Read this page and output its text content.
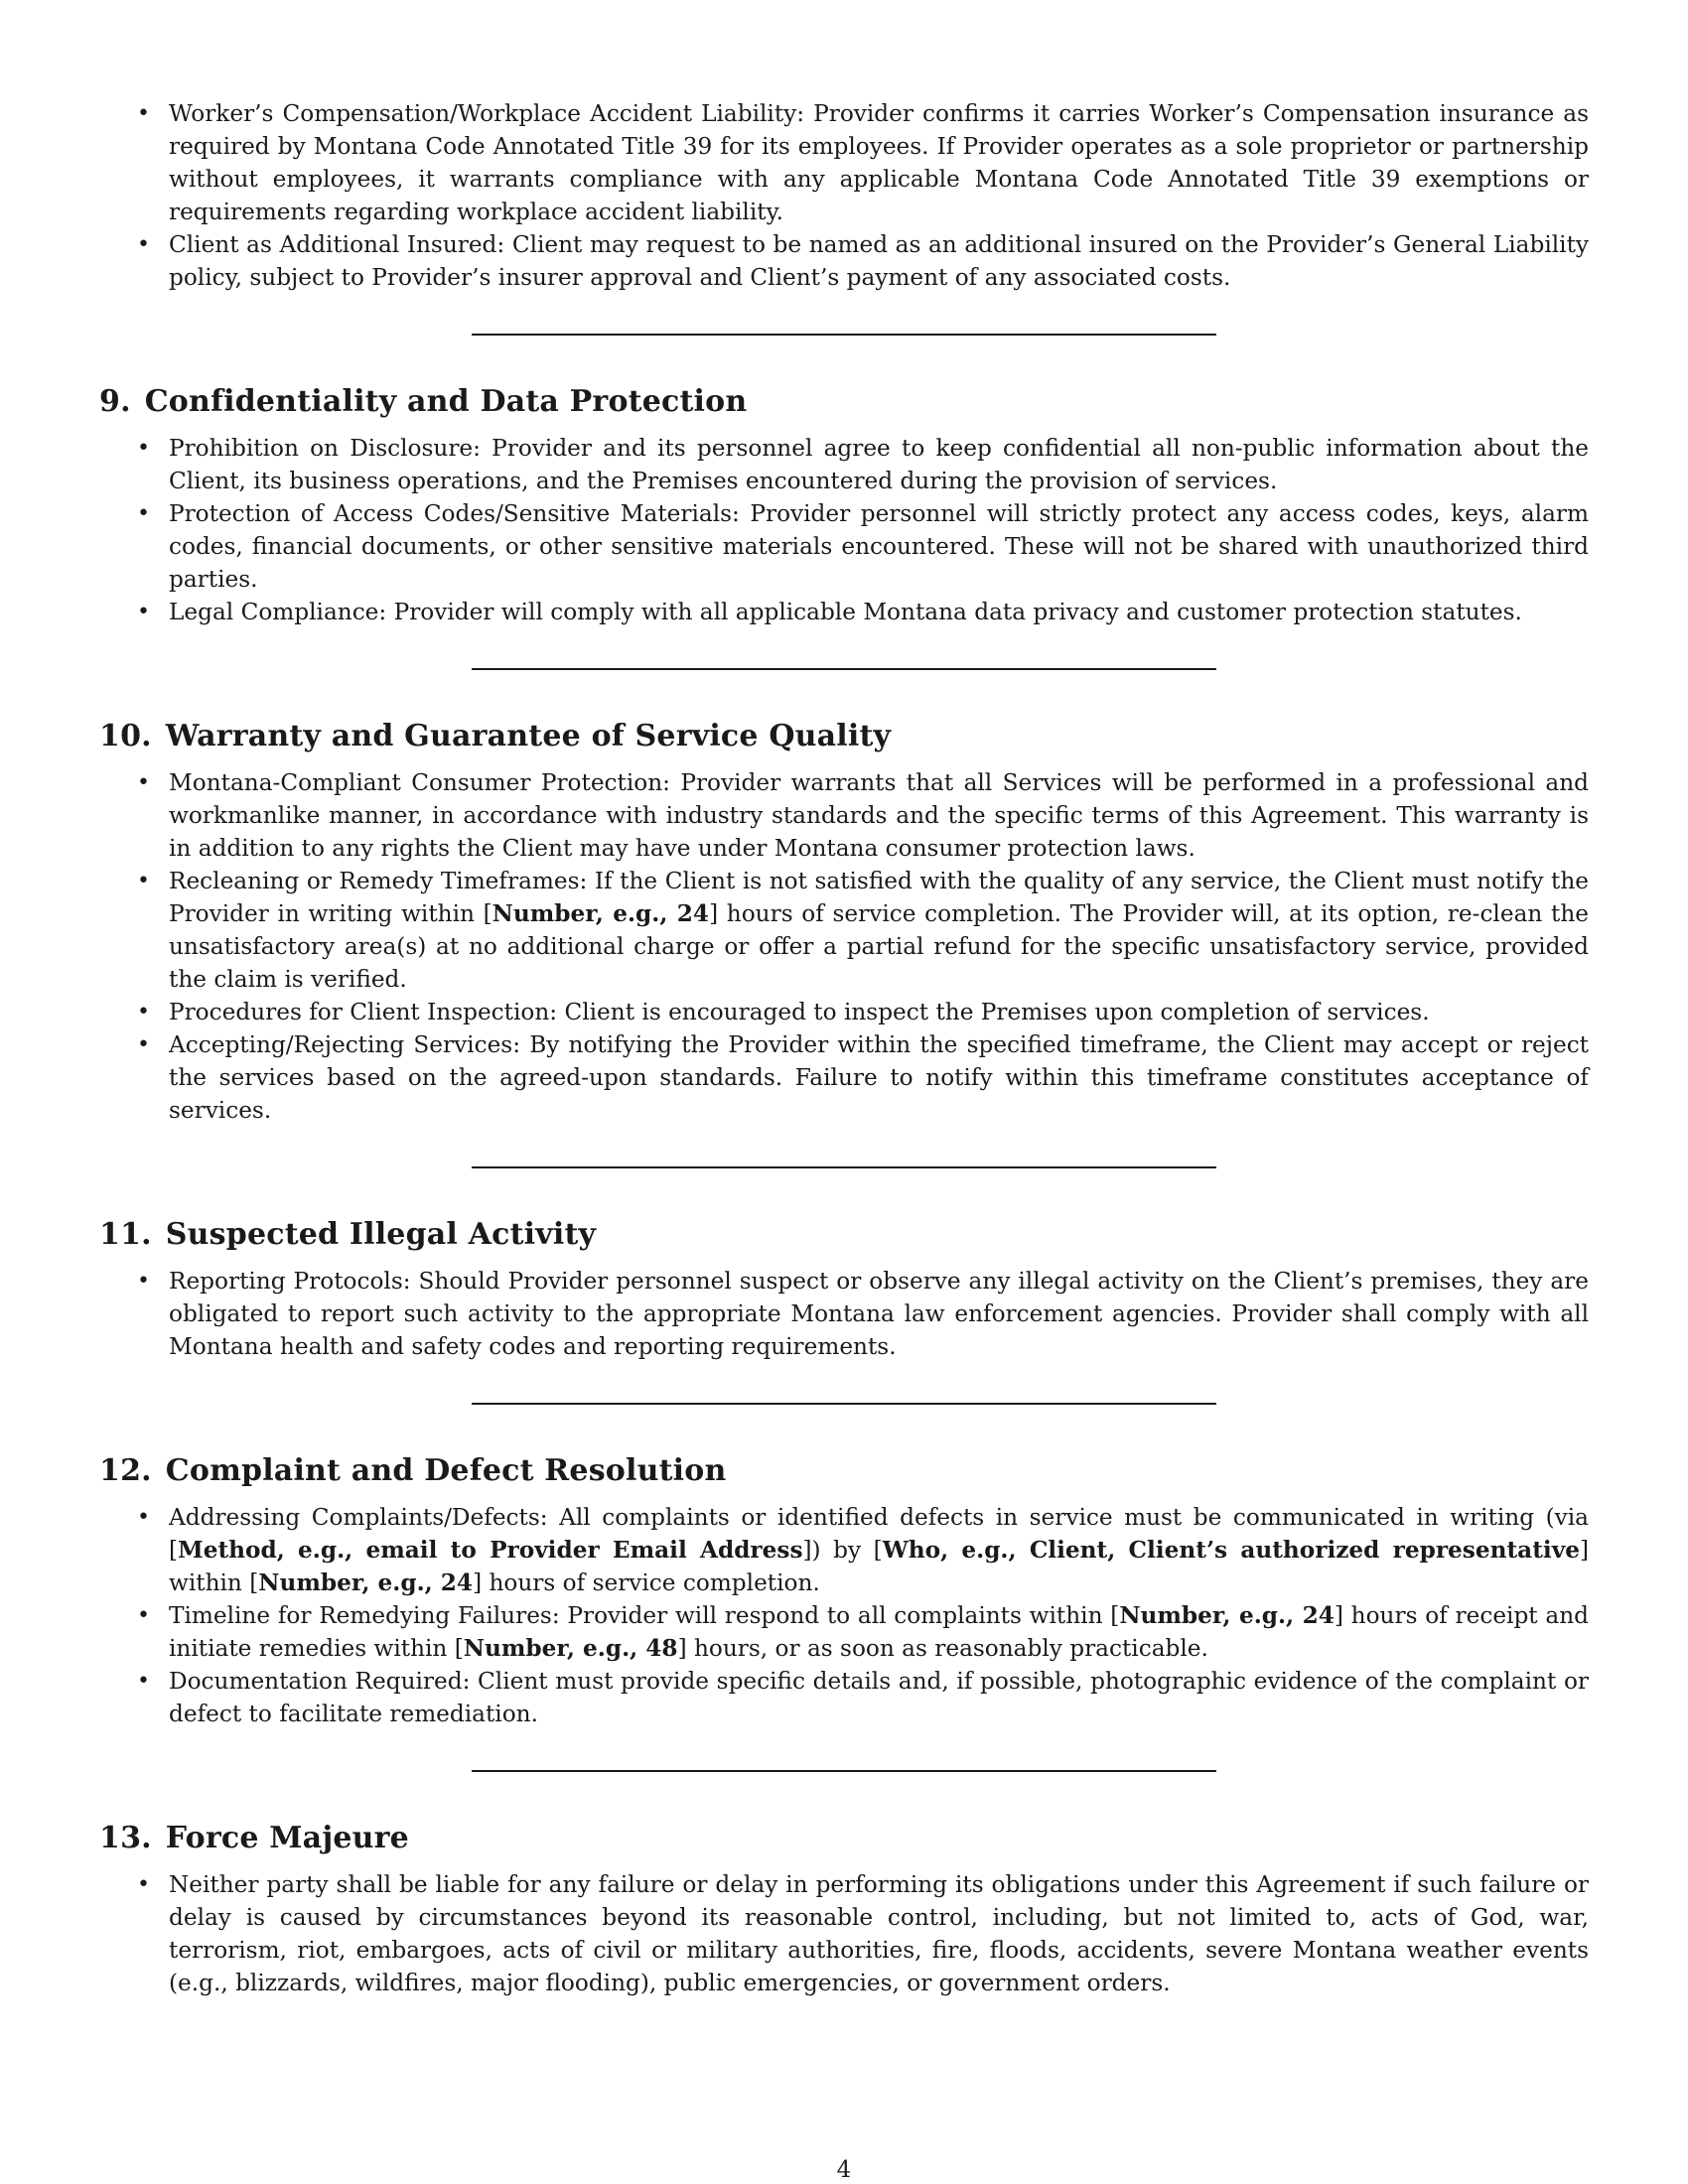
• Worker’s Compensation/Workplace Accident Liability: Provider confirms it carries Worker’s Compensation insurance as required by Montana Code Annotated Title 39 for its employees. If Provider operates as a sole proprietor or partnership without employees, it warrants compliance with any applicable Montana Code Annotated Title 39 exemptions or requirements regarding workplace accident liability.
• Client as Additional Insured: Client may request to be named as an additional insured on the Provider’s General Liability policy, subject to Provider’s insurer approval and Client’s payment of any associated costs.
9. Confidentiality and Data Protection
• Prohibition on Disclosure: Provider and its personnel agree to keep confidential all non-public information about the Client, its business operations, and the Premises encountered during the provision of services.
• Protection of Access Codes/Sensitive Materials: Provider personnel will strictly protect any access codes, keys, alarm codes, financial documents, or other sensitive materials encountered. These will not be shared with unauthorized third parties.
• Legal Compliance: Provider will comply with all applicable Montana data privacy and customer protection statutes.
10. Warranty and Guarantee of Service Quality
• Montana-Compliant Consumer Protection: Provider warrants that all Services will be performed in a professional and workmanlike manner, in accordance with industry standards and the specific terms of this Agreement. This warranty is in addition to any rights the Client may have under Montana consumer protection laws.
• Recleaning or Remedy Timeframes: If the Client is not satisfied with the quality of any service, the Client must notify the Provider in writing within [Number, e.g., 24] hours of service completion. The Provider will, at its option, re-clean the unsatisfactory area(s) at no additional charge or offer a partial refund for the specific unsatisfactory service, provided the claim is verified.
• Procedures for Client Inspection: Client is encouraged to inspect the Premises upon completion of services.
• Accepting/Rejecting Services: By notifying the Provider within the specified timeframe, the Client may accept or reject the services based on the agreed-upon standards. Failure to notify within this timeframe constitutes acceptance of services.
11. Suspected Illegal Activity
• Reporting Protocols: Should Provider personnel suspect or observe any illegal activity on the Client’s premises, they are obligated to report such activity to the appropriate Montana law enforcement agencies. Provider shall comply with all Montana health and safety codes and reporting requirements.
12. Complaint and Defect Resolution
• Addressing Complaints/Defects: All complaints or identified defects in service must be communicated in writing (via [Method, e.g., email to Provider Email Address]) by [Who, e.g., Client, Client’s authorized representative] within [Number, e.g., 24] hours of service completion.
• Timeline for Remedying Failures: Provider will respond to all complaints within [Number, e.g., 24] hours of receipt and initiate remedies within [Number, e.g., 48] hours, or as soon as reasonably practicable.
• Documentation Required: Client must provide specific details and, if possible, photographic evidence of the complaint or defect to facilitate remediation.
13. Force Majeure
• Neither party shall be liable for any failure or delay in performing its obligations under this Agreement if such failure or delay is caused by circumstances beyond its reasonable control, including, but not limited to, acts of God, war, terrorism, riot, embargoes, acts of civil or military authorities, fire, floods, accidents, severe Montana weather events (e.g., blizzards, wildfires, major flooding), public emergencies, or government orders.
4
